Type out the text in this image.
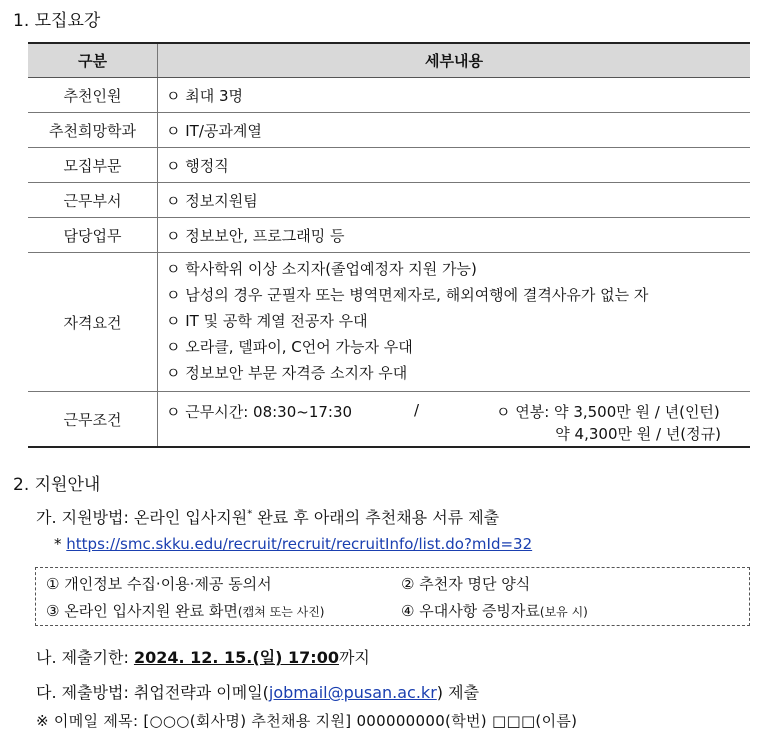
1. 모집요강
구분	세부내용
추천인원	ㅇ 최대 3명
추천희망학과	ㅇ IT/공과계열
모집부문	ㅇ 행정직
근무부서	ㅇ 정보지원팀
담당업무	ㅇ 정보보안, 프로그래밍 등
자격요건	ㅇ 학사학위 이상 소지자(졸업예정자 지원 가능)
ㅇ 남성의 경우 군필자 또는 병역면제자로, 해외여행에 결격사유가 없는 자
ㅇ IT 및 공학 계열 전공자 우대
ㅇ 오라클, 델파이, C언어 가능자 우대
ㅇ 정보보안 부문 자격증 소지자 우대

근무조건	ㅇ 근무시간: 08:30~17:30 / ㅇ 연봉: 약 3,500만 원 / 년(인턴)
약 4,300만 원 / 년(정규)
2. 지원안내
가. 지원방법: 온라인 입사지원* 완료 후 아래의 추천채용 서류 제출
* https://smc.skku.edu/recruit/recruit/recruitInfo/list.do?mId=32
① 개인정보 수집·이용·제공 동의서	② 추천자 명단 양식
③ 온라인 입사지원 완료 화면(캡쳐 또는 사진)	④ 우대사항 증빙자료(보유 시)
나. 제출기한: 2024. 12. 15.(일) 17:00까지
다. 제출방법: 취업전략과 이메일(jobmail@pusan.ac.kr) 제출
※ 이메일 제목: [○○○(회사명) 추천채용 지원] 000000000(학번) □□□(이름)
